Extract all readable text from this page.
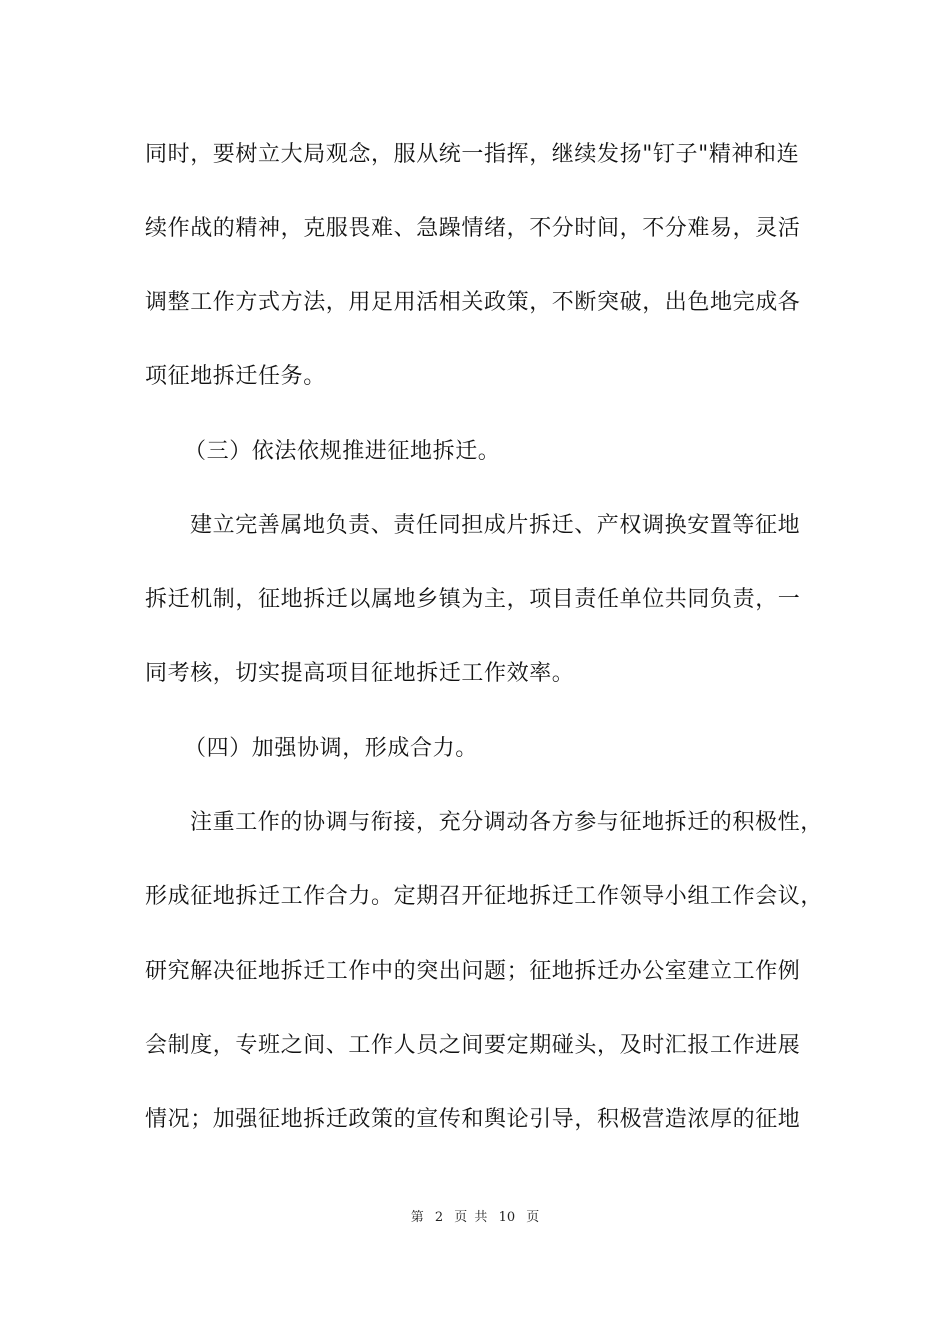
同时，要树立大局观念，服从统一指挥，继续发扬"钉子"精神和连
续作战的精神，克服畏难、急躁情绪，不分时间，不分难易，灵活
调整工作方式方法，用足用活相关政策，不断突破，出色地完成各
项征地拆迁任务。
（三）依法依规推进征地拆迁。
建立完善属地负责、责任同担成片拆迁、产权调换安置等征地
拆迁机制，征地拆迁以属地乡镇为主，项目责任单位共同负责，一
同考核，切实提高项目征地拆迁工作效率。
（四）加强协调，形成合力。
注重工作的协调与衔接，充分调动各方参与征地拆迁的积极性，
形成征地拆迁工作合力。定期召开征地拆迁工作领导小组工作会议，
研究解决征地拆迁工作中的突出问题；征地拆迁办公室建立工作例
会制度，专班之间、工作人员之间要定期碰头，及时汇报工作进展
情况；加强征地拆迁政策的宣传和舆论引导，积极营造浓厚的征地
第 2 页 共 10 页
